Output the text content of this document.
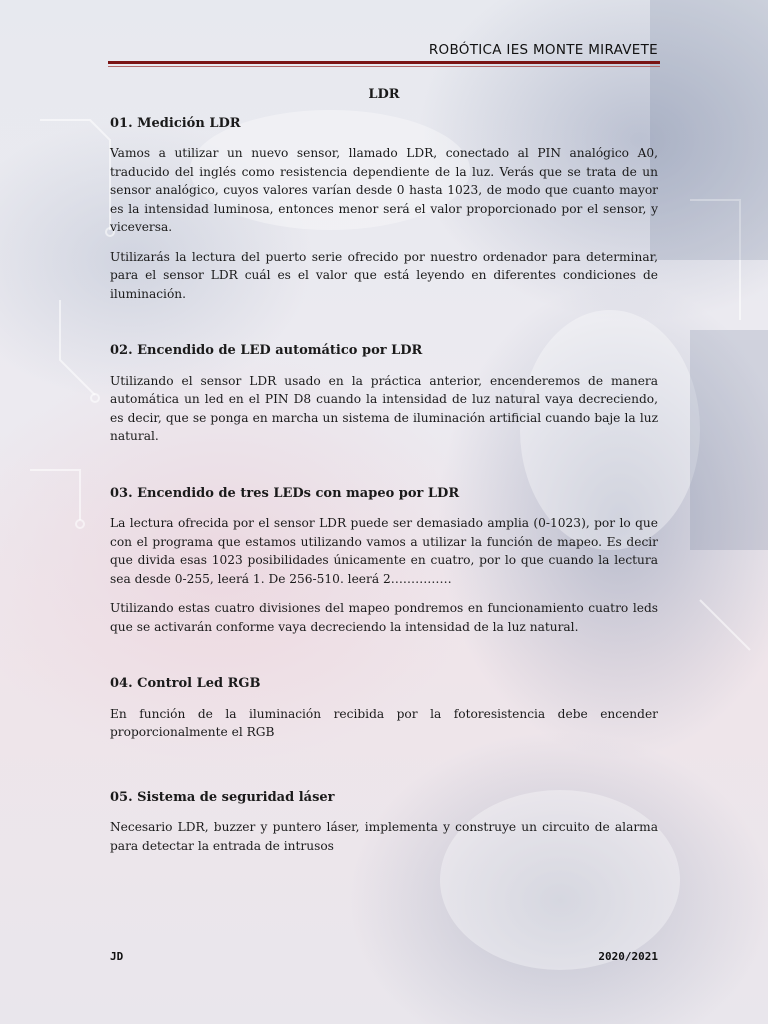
ROBÓTICA IES MONTE MIRAVETE
LDR
01. Medición LDR

Vamos a utilizar un nuevo sensor, llamado LDR, conectado al PIN analógico A0, traducido del inglés como resistencia dependiente de la luz. Verás que se trata de un sensor analógico, cuyos valores varían desde 0 hasta 1023, de modo que cuanto mayor es la intensidad luminosa, entonces menor será el valor proporcionado por el sensor, y viceversa.

Utilizarás la lectura del puerto serie ofrecido por nuestro ordenador para determinar, para el sensor LDR cuál es el valor que está leyendo en diferentes condiciones de iluminación.

02. Encendido de LED automático por LDR

Utilizando el sensor LDR usado en la práctica anterior, encenderemos de manera automática un led en el PIN D8 cuando la intensidad de luz natural vaya decreciendo, es decir, que se ponga en marcha un sistema de iluminación artificial cuando baje la luz natural.

03. Encendido de tres LEDs con mapeo por LDR

La lectura ofrecida por el sensor LDR puede ser demasiado amplia (0-1023), por lo que con el programa que estamos utilizando vamos a utilizar la función de mapeo. Es decir que divida esas 1023 posibilidades únicamente en cuatro, por lo que cuando la lectura sea desde 0-255, leerá 1. De 256-510. leerá 2……………

Utilizando estas cuatro divisiones del mapeo pondremos en funcionamiento cuatro leds que se activarán conforme vaya decreciendo la intensidad de la luz natural.

04. Control Led RGB

En función de la iluminación recibida por la fotoresistencia debe encender proporcionalmente el RGB

05. Sistema de seguridad láser

Necesario LDR, buzzer y puntero láser, implementa y construye un circuito de alarma para detectar la entrada de intrusos

JD	2020/2021
